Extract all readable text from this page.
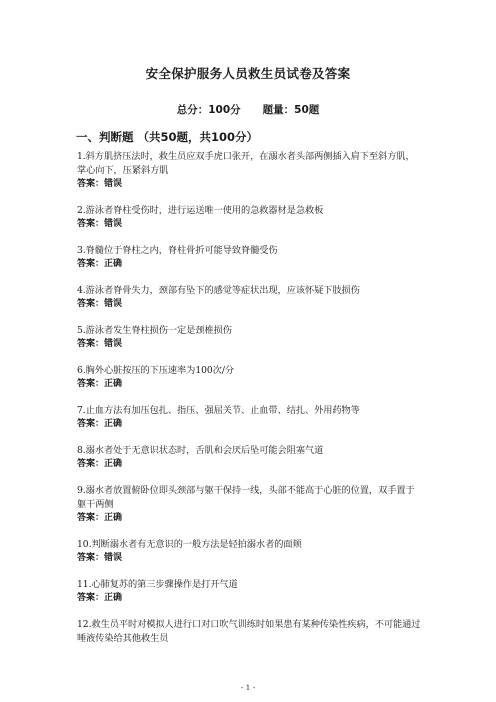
安全保护服务人员救生员试卷及答案
总分：100分 题量：50题
一、判断题 （共50题，共100分）
1.斜方肌挤压法时，救生员应双手虎口张开，在溺水者头部两侧插入肩下至斜方肌，掌心向下，压紧斜方肌
答案：错误
2.游泳者脊柱受伤时，进行运送唯一使用的急救器材是急救板
答案：错误
3.脊髓位于脊柱之内，脊柱骨折可能导致脊髓受伤
答案：正确
4.游泳者脊骨失力，颈部有坠下的感觉等症状出现，应该怀疑下肢损伤
答案：错误
5.游泳者发生脊柱损伤一定是颈椎损伤
答案：错误
6.胸外心脏按压的下压速率为100次/分
答案：正确
7.止血方法有加压包扎、指压、强屈关节、止血带、结扎、外用药物等
答案：正确
8.溺水者处于无意识状态时，舌肌和会厌后坠可能会阻塞气道
答案：正确
9.溺水者放置俯卧位即头颈部与躯干保持一线，头部不能高于心脏的位置，双手置于躯干两侧
答案：正确
10.判断溺水者有无意识的一般方法是轻拍溺水者的面颊
答案：错误
11.心肺复苏的第三步骤操作是打开气道
答案：正确
12.救生员平时对模拟人进行口对口吹气训练时如果患有某种传染性疾病，不可能通过唾液传染给其他救生员
- 1 -
